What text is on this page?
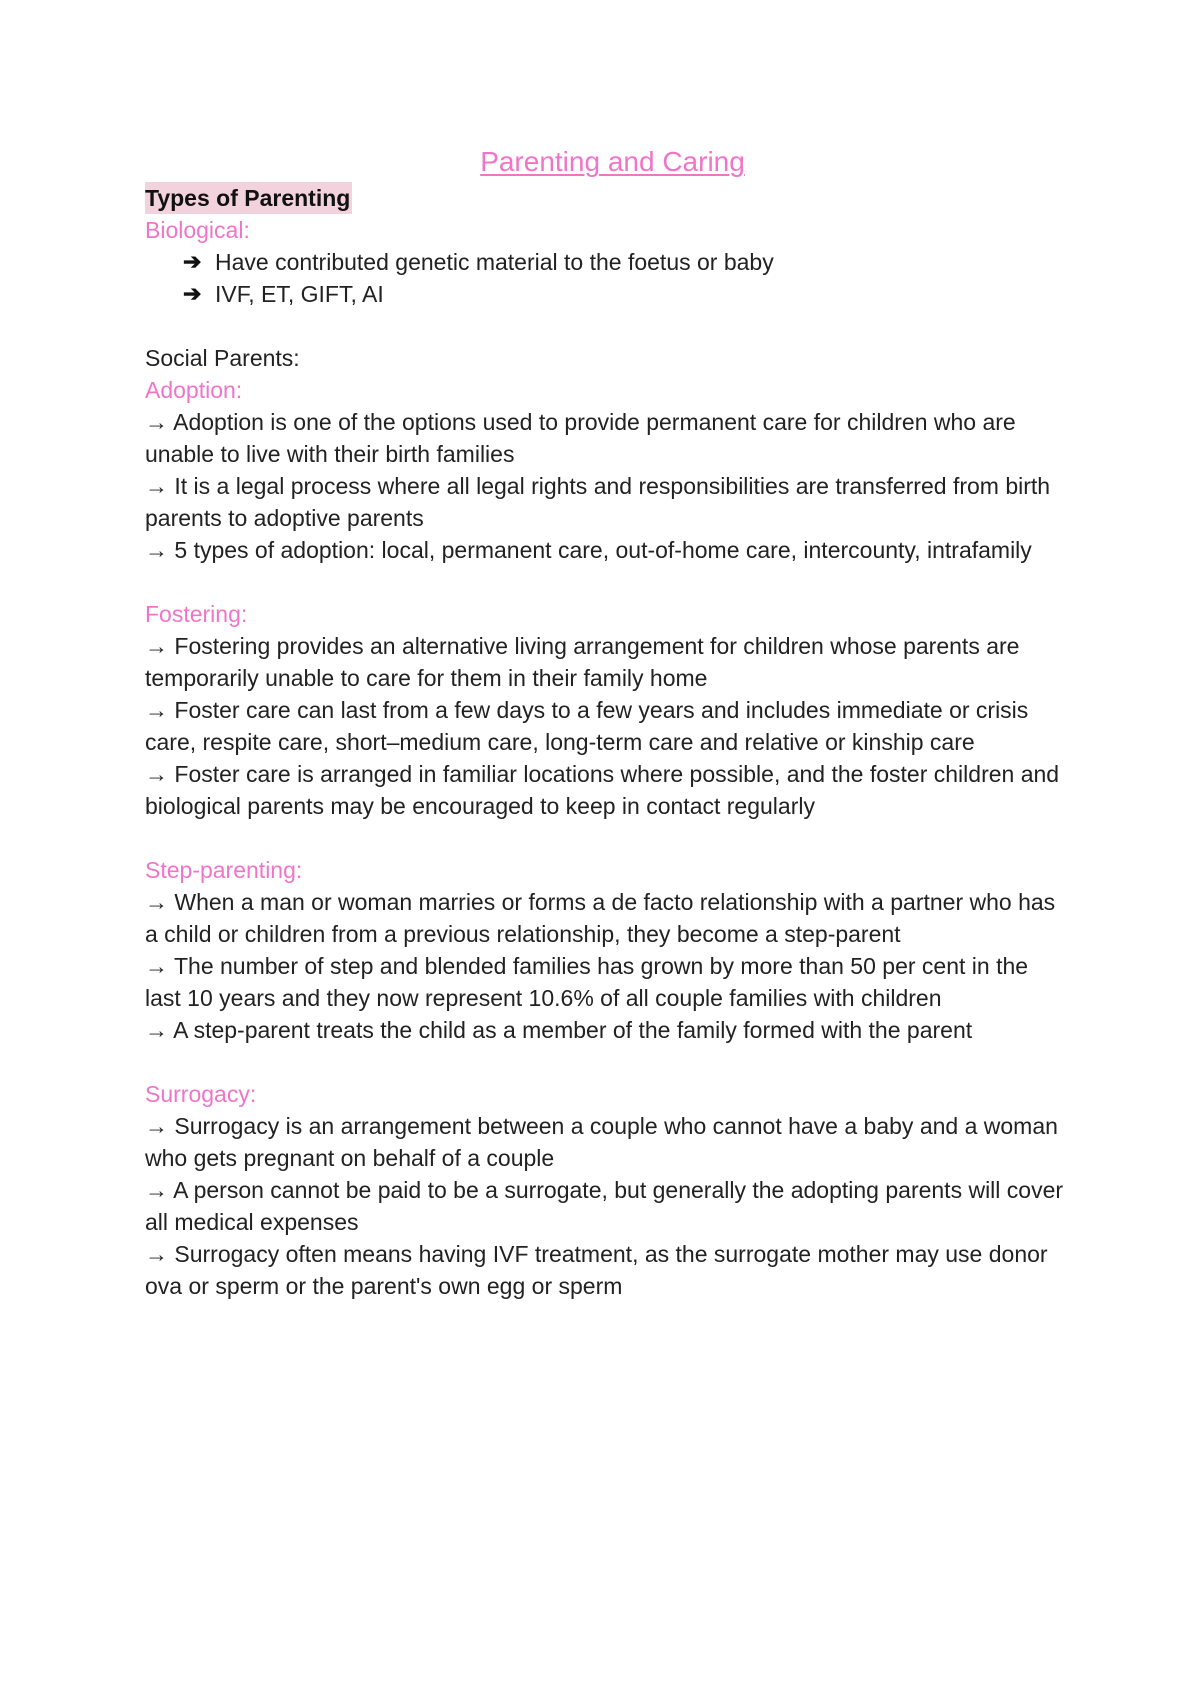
Parenting and Caring
Types of Parenting
Biological:
➔ Have contributed genetic material to the foetus or baby
➔ IVF, ET, GIFT, AI
Social Parents:
Adoption:
→ Adoption is one of the options used to provide permanent care for children who are unable to live with their birth families
→ It is a legal process where all legal rights and responsibilities are transferred from birth parents to adoptive parents
→ 5 types of adoption: local, permanent care, out-of-home care, intercounty, intrafamily
Fostering:
→ Fostering provides an alternative living arrangement for children whose parents are temporarily unable to care for them in their family home
→ Foster care can last from a few days to a few years and includes immediate or crisis care, respite care, short–medium care, long-term care and relative or kinship care
→ Foster care is arranged in familiar locations where possible, and the foster children and biological parents may be encouraged to keep in contact regularly
Step-parenting:
→ When a man or woman marries or forms a de facto relationship with a partner who has a child or children from a previous relationship, they become a step-parent
→ The number of step and blended families has grown by more than 50 per cent in the last 10 years and they now represent 10.6% of all couple families with children
→ A step-parent treats the child as a member of the family formed with the parent
Surrogacy:
→ Surrogacy is an arrangement between a couple who cannot have a baby and a woman who gets pregnant on behalf of a couple
→ A person cannot be paid to be a surrogate, but generally the adopting parents will cover all medical expenses
→ Surrogacy often means having IVF treatment, as the surrogate mother may use donor ova or sperm or the parent's own egg or sperm
